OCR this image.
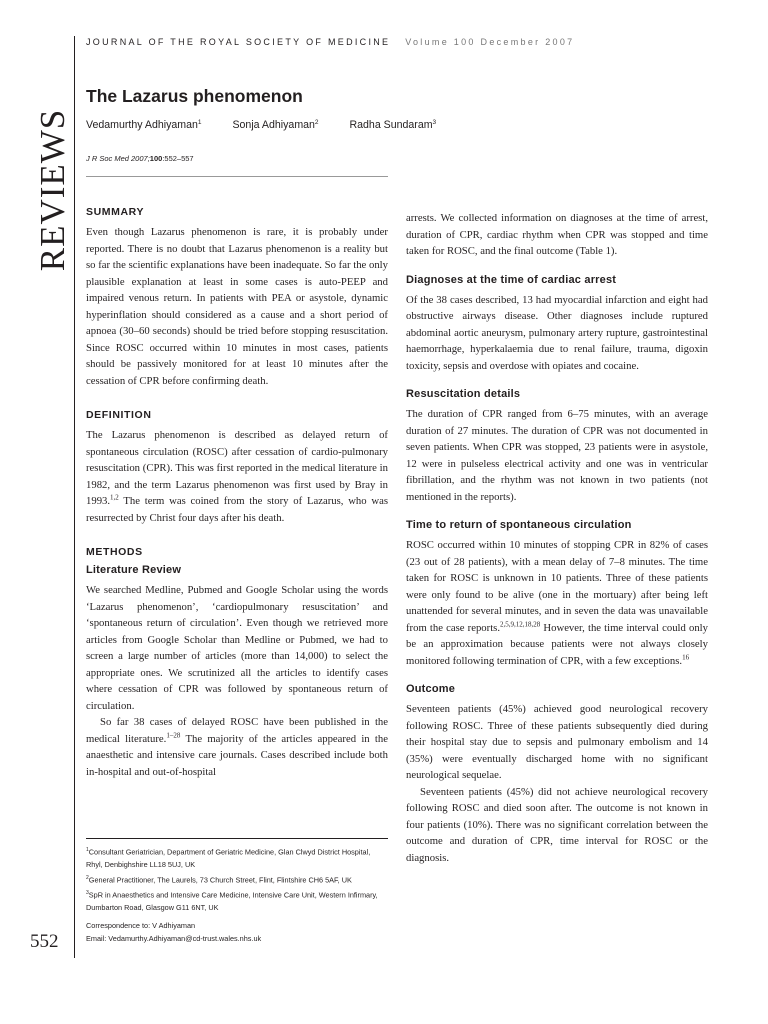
JOURNAL OF THE ROYAL SOCIETY OF MEDICINE Volume 100 December 2007
REVIEWS
552
The Lazarus phenomenon
Vedamurthy Adhiyaman$^1$	Sonja Adhiyaman$^2$	Radha Sundaram$^3$
J R Soc Med 2007;100:552–557
SUMMARY

Even though Lazarus phenomenon is rare, it is probably under reported. There is no doubt that Lazarus phenomenon is a reality but so far the scientific explanations have been inadequate. So far the only plausible explanation at least in some cases is auto-PEEP and impaired venous return. In patients with PEA or asystole, dynamic hyperinflation should considered as a cause and a short period of apnoea (30–60 seconds) should be tried before stopping resuscitation. Since ROSC occurred within 10 minutes in most cases, patients should be passively monitored for at least 10 minutes after the cessation of CPR before confirming death.

DEFINITION

The Lazarus phenomenon is described as delayed return of spontaneous circulation (ROSC) after cessation of cardio-pulmonary resuscitation (CPR). This was first reported in the medical literature in 1982, and the term Lazarus phenomenon was first used by Bray in 1993.$^{1,2}$ The term was coined from the story of Lazarus, who was resurrected by Christ four days after his death.

METHODS
Literature Review

We searched Medline, Pubmed and Google Scholar using the words ‘Lazarus phenomenon’, ‘cardiopulmonary resuscitation’ and ‘spontaneous return of circulation’. Even though we retrieved more articles from Google Scholar than Medline or Pubmed, we had to screen a large number of articles (more than 14,000) to select the appropriate ones. We scrutinized all the articles to identify cases where cessation of CPR was followed by spontaneous return of circulation.

So far 38 cases of delayed ROSC have been published in the medical literature.$^{1-28}$ The majority of the articles appeared in the anaesthetic and intensive care journals. Cases described include both in-hospital and out-of-hospital

$^1$Consultant Geriatrician, Department of Geriatric Medicine, Glan Clwyd District Hospital, Rhyl, Denbighshire LL18 5UJ, UK

$^2$General Practitioner, The Laurels, 73 Church Street, Flint, Flintshire CH6 5AF, UK

$^3$SpR in Anaesthetics and Intensive Care Medicine, Intensive Care Unit, Western Infirmary, Dumbarton Road, Glasgow G11 6NT, UK

Correspondence to: V Adhiyaman

Email: Vedamurthy.Adhiyaman@cd-trust.wales.nhs.uk

arrests. We collected information on diagnoses at the time of arrest, duration of CPR, cardiac rhythm when CPR was stopped and time taken for ROSC, and the final outcome (Table 1).

Diagnoses at the time of cardiac arrest

Of the 38 cases described, 13 had myocardial infarction and eight had obstructive airways disease. Other diagnoses include ruptured abdominal aortic aneurysm, pulmonary artery rupture, gastrointestinal haemorrhage, hyperkalaemia due to renal failure, trauma, digoxin toxicity, sepsis and overdose with opiates and cocaine.

Resuscitation details

The duration of CPR ranged from 6–75 minutes, with an average duration of 27 minutes. The duration of CPR was not documented in seven patients. When CPR was stopped, 23 patients were in asystole, 12 were in pulseless electrical activity and one was in ventricular fibrillation, and the rhythm was not known in two patients (not mentioned in the reports).

Time to return of spontaneous circulation

ROSC occurred within 10 minutes of stopping CPR in 82% of cases (23 out of 28 patients), with a mean delay of 7–8 minutes. The time taken for ROSC is unknown in 10 patients. Three of these patients were only found to be alive (one in the mortuary) after being left unattended for several minutes, and in seven the data was unavailable from the case reports.$^{2,5,9,12,18,28}$ However, the time interval could only be an approximation because patients were not always closely monitored following termination of CPR, with a few exceptions.$^{16}$

Outcome

Seventeen patients (45%) achieved good neurological recovery following ROSC. Three of these patients subsequently died during their hospital stay due to sepsis and pulmonary embolism and 14 (35%) were eventually discharged home with no significant neurological sequelae.

Seventeen patients (45%) did not achieve neurological recovery following ROSC and died soon after. The outcome is not known in four patients (10%). There was no significant correlation between the outcome and duration of CPR, time interval for ROSC or the diagnosis.
